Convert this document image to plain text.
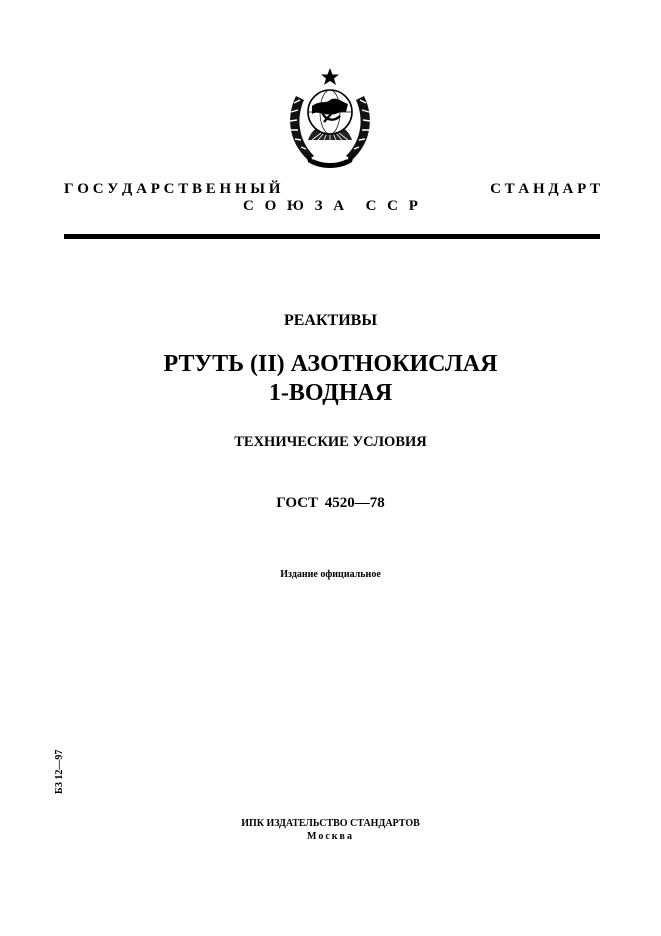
Г О С У Д А Р С Т В Е Н Н Ы Й	С Т А Н Д А Р Т
С О Ю З А С С Р
РЕАКТИВЫ
РТУТЬ (II) АЗОТНОКИСЛАЯ
1-ВОДНАЯ
ТЕХНИЧЕСКИЕ УСЛОВИЯ
ГОСТ 4520—78
Издание официальное
БЗ 12—97
ИПК ИЗДАТЕЛЬСТВО СТАНДАРТОВ
Москва
